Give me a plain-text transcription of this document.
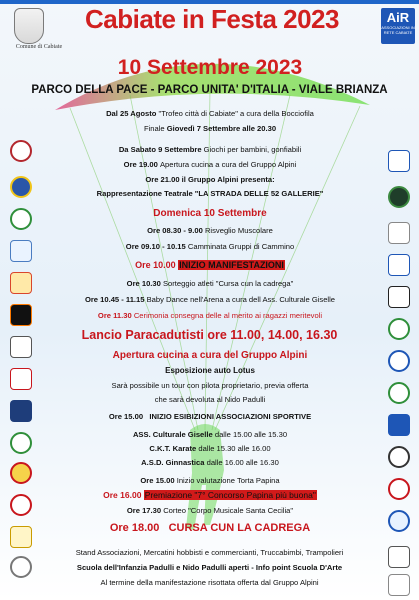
Comune di Cabiate
AiR
ASSOCIAZIONI IN RETE CABIATE
Cabiate in Festa 2023
10 Settembre 2023
PARCO DELLA PACE - PARCO UNITA' D'ITALIA - VIALE BRIANZA
Dal 25 Agosto "Trofeo città di Cabiate" a cura della Bocciofila
Finale Giovedì 7 Settembre alle 20.30
Da Sabato 9 Settembre Giochi per bambini, gonfiabili
Ore 19.00 Apertura cucina a cura del Gruppo Alpini
Ore 21.00 il Gruppo Alpini presenta:
Rappresentazione Teatrale "LA STRADA DELLE 52 GALLERIE"
Domenica 10 Settembre
Ore 08.30 - 9.00 Risveglio Muscolare
Ore 09.10 - 10.15 Camminata Gruppi di Cammino
Ore 10.00 INIZIO MANIFESTAZIONI
Ore 10.30 Sorteggio atleti "Cursa cun la cadrega"
Ore 10.45 - 11.15 Baby Dance nell'Arena a cura dell Ass. Culturale Giselle
Ore 11.30 Cerimonia consegna delle al merito ai ragazzi meritevoli
Lancio Paracadutisti ore 11.00, 14.00, 16.30
Apertura cucina a cura del Gruppo Alpini
Esposizione auto Lotus
Sarà possibile un tour con pilota proprietario, previa offerta
che sarà devoluta al Nido Padulli
Ore 15.00 INIZIO ESIBIZIONI ASSOCIAZIONI SPORTIVE
ASS. Culturale Giselle dalle 15.00 alle 15.30
C.K.T. Karate dalle 15.30 alle 16.00
A.S.D. Ginnastica dalle 16.00 alle 16.30
Ore 15.00 Inizio valutazione Torta Papina
Ore 16.00 Premiazione "7° Concorso Papina più buona"
Ore 17.30 Corteo "Corpo Musicale Santa Cecilia"
Ore 18.00 CURSA CUN LA CADREGA
Stand Associazioni, Mercatini hobbisti e commercianti, Truccabimbi, Trampolieri
Scuola dell'Infanzia Padulli e Nido Padulli aperti - Info point Scuola D'Arte
Al termine della manifestazione risottata offerta dal Gruppo Alpini
